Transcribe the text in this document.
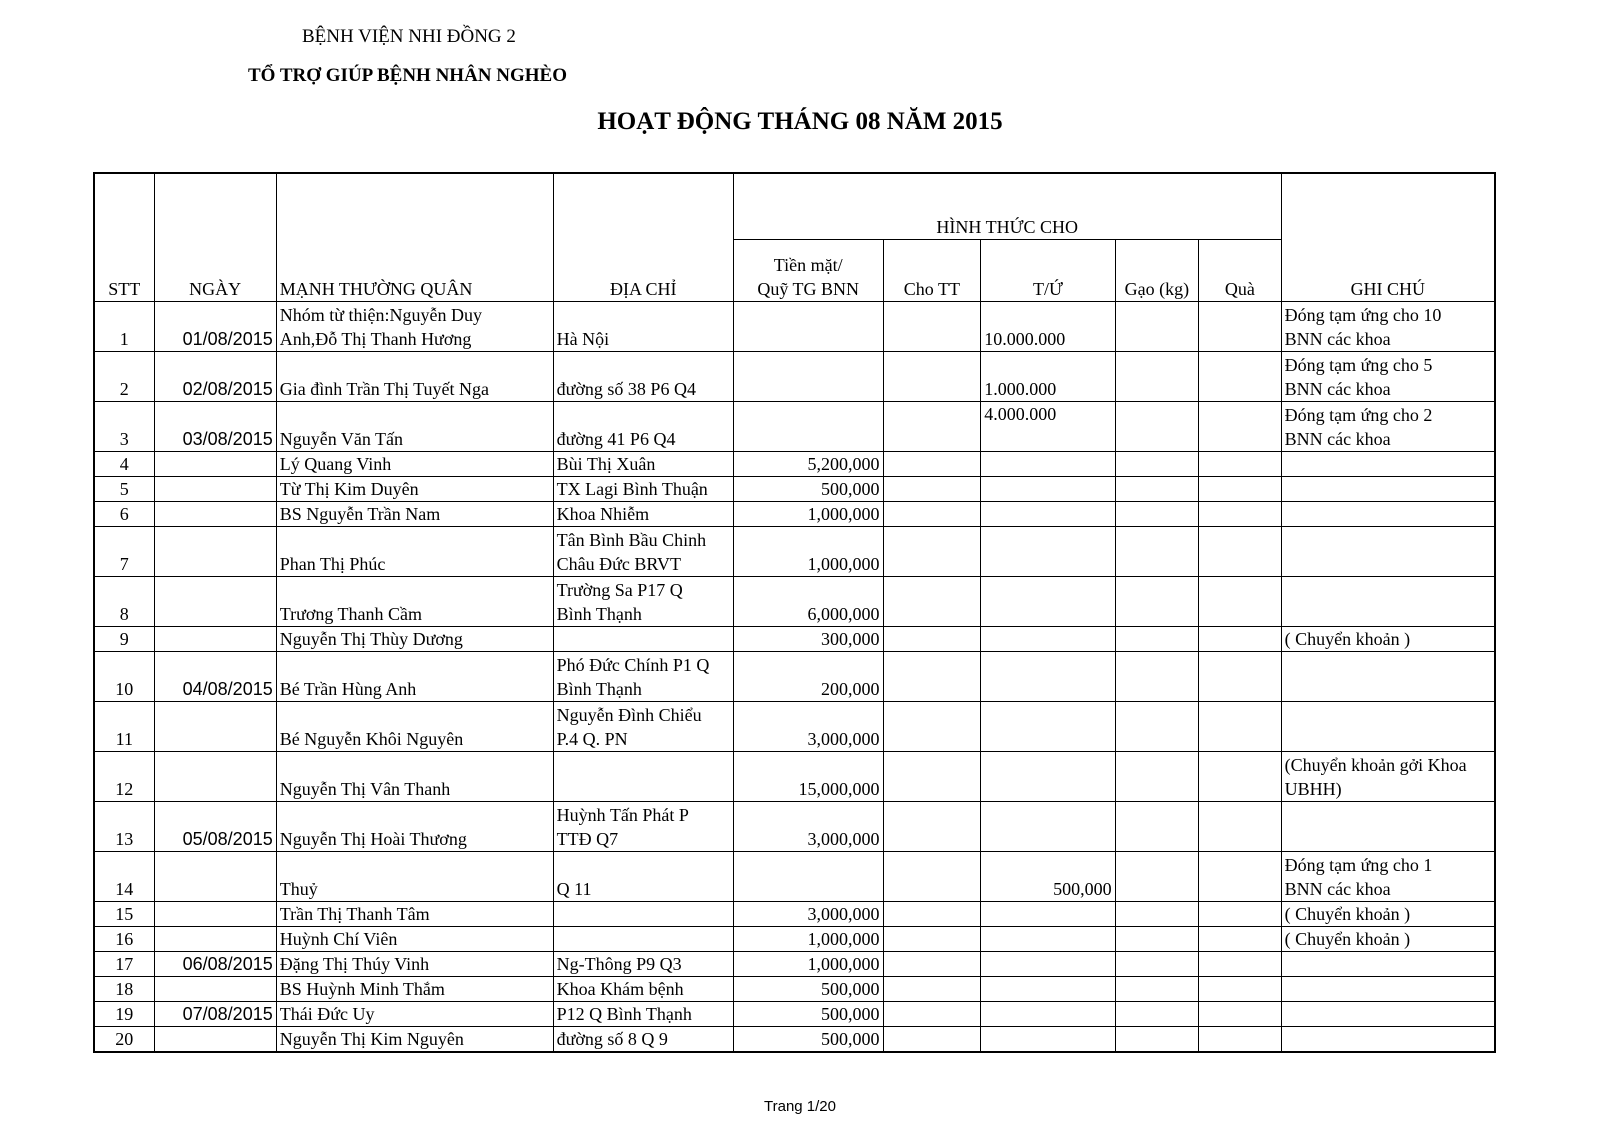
BỆNH VIỆN NHI ĐỒNG 2
TỔ TRỢ GIÚP BỆNH NHÂN NGHÈO
HOẠT ĐỘNG THÁNG 08 NĂM 2015
STT	NGÀY	MẠNH THƯỜNG QUÂN	ĐỊA CHỈ	HÌNH THỨC CHO					GHI CHÚ
				Tiền mặt/
Quỹ TG BNN	Cho TT	T/Ứ	Gạo (kg)	Quà	
1	01/08/2015	Nhóm từ thiện:Nguyễn Duy
Anh,Đỗ Thị Thanh Hương	Hà Nội			10.000.000			Đóng tạm ứng cho 10
BNN các khoa
2	02/08/2015	Gia đình Trần Thị Tuyết Nga	đường số 38 P6 Q4			1.000.000			Đóng tạm ứng cho 5
BNN các khoa
3	03/08/2015	Nguyễn Văn Tấn	đường 41 P6 Q4			4.000.000			Đóng tạm ứng cho 2
BNN các khoa
4		Lý Quang Vinh	Bùi Thị Xuân	5,200,000					
5		Từ Thị Kim Duyên	TX Lagi Bình Thuận	500,000					
6		BS Nguyễn Trần Nam	Khoa Nhiễm	1,000,000					
7		Phan Thị Phúc	Tân Bình Bầu Chinh
Châu Đức BRVT	1,000,000					

8		Trương Thanh Cầm	Trường Sa P17 Q
Bình Thạnh	6,000,000					

9		Nguyễn Thị Thùy Dương		300,000					( Chuyển khoản )
10	04/08/2015	Bé Trần Hùng Anh	Phó Đức Chính P1 Q
Bình Thạnh	200,000					

11		Bé Nguyễn Khôi Nguyên	Nguyễn Đình Chiểu
P.4 Q. PN	3,000,000					

12		Nguyễn Thị Vân Thanh		15,000,000					(Chuyển khoản gởi Khoa
UBHH)
13	05/08/2015	Nguyễn Thị Hoài Thương	Huỳnh Tấn Phát P
TTĐ Q7	3,000,000					

14		Thuỷ	Q 11			500,000			Đóng tạm ứng cho 1
BNN các khoa
15		Trần Thị Thanh Tâm		3,000,000					( Chuyển khoản )
16		Huỳnh Chí Viên		1,000,000					( Chuyển khoản )
17	06/08/2015	Đặng Thị Thúy Vinh	Ng-Thông P9 Q3	1,000,000					
18		BS Huỳnh Minh Thắm	Khoa Khám bệnh	500,000					
19	07/08/2015	Thái Đức Uy	P12 Q Bình Thạnh	500,000					
20		Nguyễn Thị Kim Nguyên	đường số 8 Q 9	500,000					
Trang 1/20
